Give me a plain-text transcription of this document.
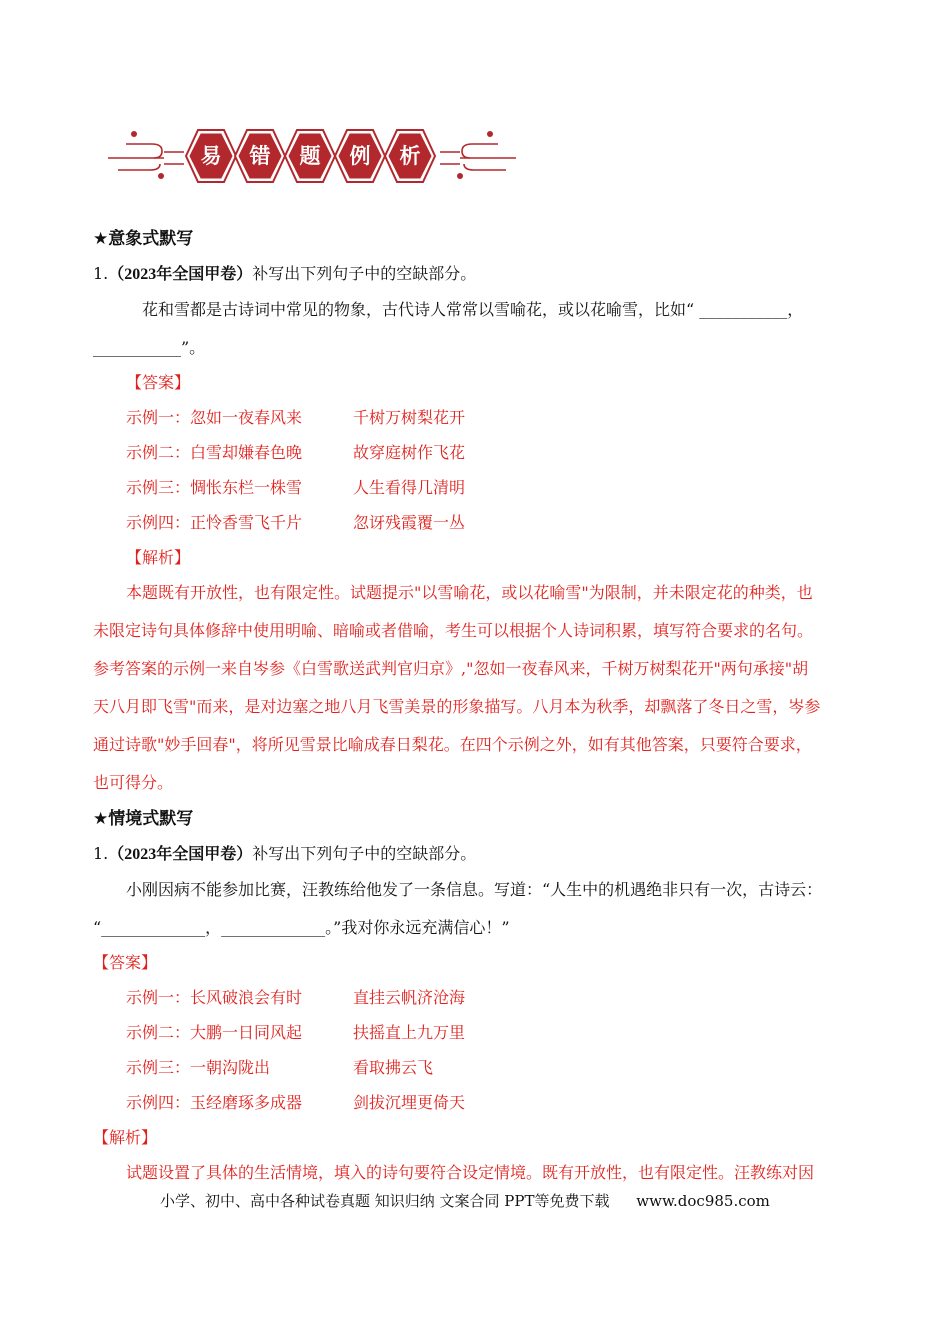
易	错	题	例	析
★意象式默写
1.（2023年全国甲卷）补写出下列句子中的空缺部分。
花和雪都是古诗词中常见的物象，古代诗人常常以雪喻花，或以花喻雪，比如“ ___________，
___________”。
【答案】
示例一：忽如一夜春风来	千树万树梨花开
示例二：白雪却嫌春色晚	故穿庭树作飞花
示例三：惆怅东栏一株雪	人生看得几清明
示例四：正怜香雪飞千片	忽讶残霞覆一丛
【解析】
本题既有开放性，也有限定性。试题提示"以雪喻花，或以花喻雪"为限制，并未限定花的种类，也
未限定诗句具体修辞中使用明喻、暗喻或者借喻，考生可以根据个人诗词积累，填写符合要求的名句。
参考答案的示例一来自岑参《白雪歌送武判官归京》,"忽如一夜春风来，千树万树梨花开"两句承接"胡
天八月即飞雪"而来，是对边塞之地八月飞雪美景的形象描写。八月本为秋季，却飘落了冬日之雪，岑参
通过诗歌"妙手回春"，将所见雪景比喻成春日梨花。在四个示例之外，如有其他答案，只要符合要求，
也可得分。
★情境式默写
1.（2023年全国甲卷）补写出下列句子中的空缺部分。
小刚因病不能参加比赛，汪教练给他发了一条信息。写道：“人生中的机遇绝非只有一次，古诗云：
“_____________，_____________。”我对你永远充满信心！”
【答案】
示例一：长风破浪会有时	直挂云帆济沧海
示例二：大鹏一日同风起	扶摇直上九万里
示例三：一朝沟陇出	看取拂云飞
示例四：玉经磨琢多成器	剑拔沉埋更倚天
【解析】
试题设置了具体的生活情境，填入的诗句要符合设定情境。既有开放性，也有限定性。汪教练对因
小学、初中、高中各种试卷真题 知识归纳 文案合同 PPT等免费下载 www.doc985.com
